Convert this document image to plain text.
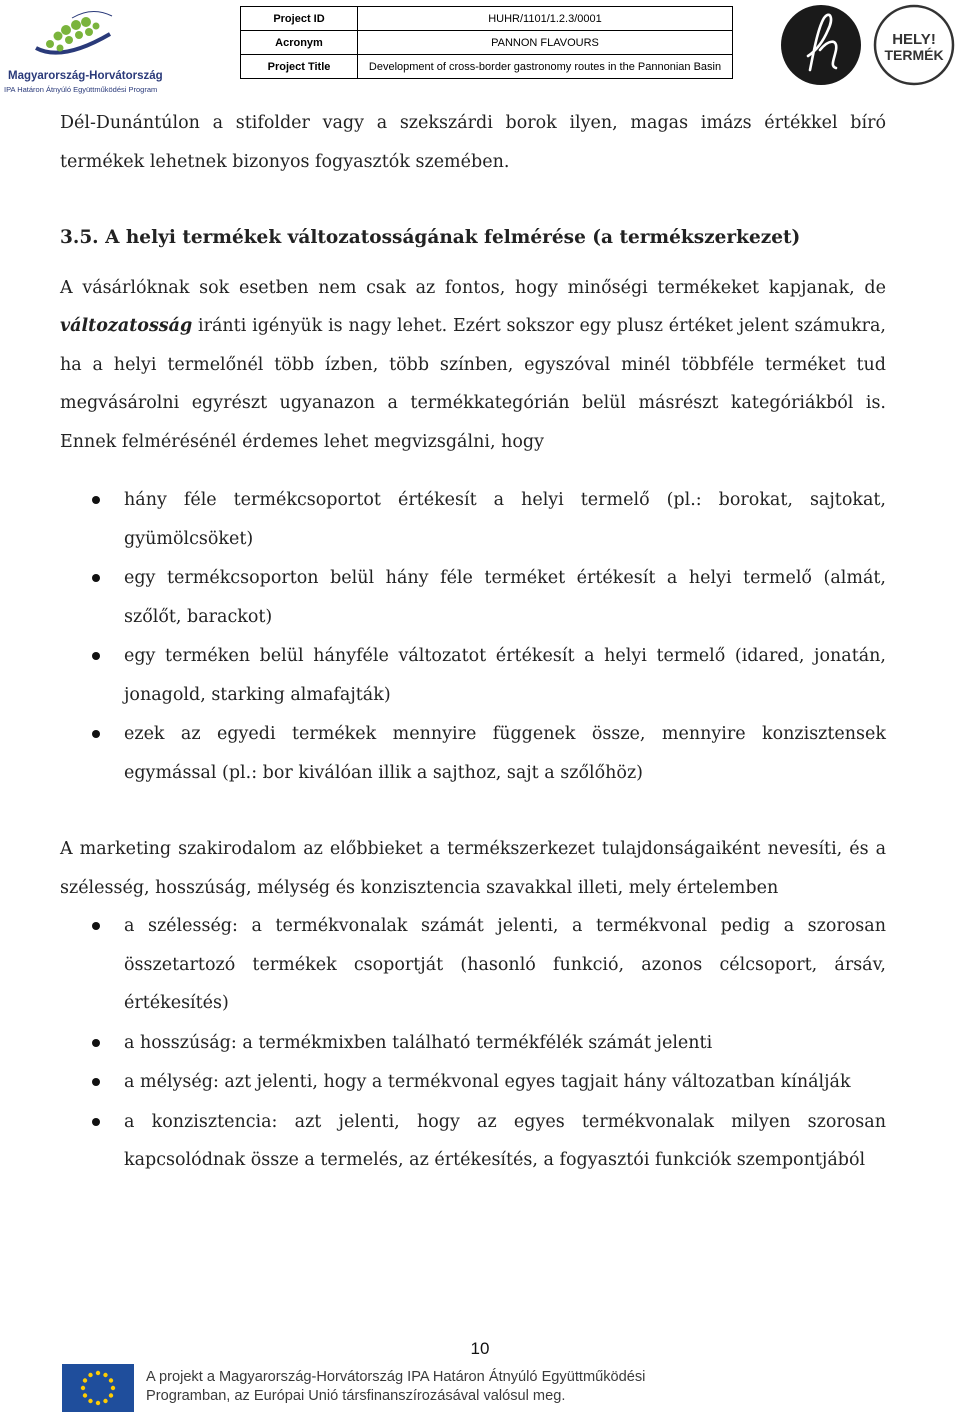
Magyarország-Horvátország
IPA Határon Átnyúló Együttműködési Program
Project ID	HUHR/1101/1.2.3/0001
Acronym	PANNON FLAVOURS
Project Title	Development of cross-border gastronomy routes in the Pannonian Basin
HELY!
TERMÉK

Dél-Dunántúlon a stifolder vagy a szekszárdi borok ilyen, magas imázs értékkel bíró termékek lehetnek bizonyos fogyasztók szemében.

3.5. A helyi termékek változatosságának felmérése (a termékszerkezet)

A vásárlóknak sok esetben nem csak az fontos, hogy minőségi termékeket kapjanak, de változatosság iránti igényük is nagy lehet. Ezért sokszor egy plusz értéket jelent számukra, ha a helyi termelőnél több ízben, több színben, egyszóval minél többféle terméket tud megvásárolni egyrészt ugyanazon a termékkategórián belül másrészt kategóriákból is. Ennek felmérésénél érdemes lehet megvizsgálni, hogy

hány féle termékcsoportot értékesít a helyi termelő (pl.: borokat, sajtokat, gyümölcsöket)
egy termékcsoporton belül hány féle terméket értékesít a helyi termelő (almát, szőlőt, barackot)
egy terméken belül hányféle változatot értékesít a helyi termelő (idared, jonatán, jonagold, starking almafajták)
ezek az egyedi termékek mennyire függenek össze, mennyire konzisztensek egymással (pl.: bor kiválóan illik a sajthoz, sajt a szőlőhöz)

A marketing szakirodalom az előbbieket a termékszerkezet tulajdonságaiként nevesíti, és a szélesség, hosszúság, mélység és konzisztencia szavakkal illeti, mely értelemben

a szélesség: a termékvonalak számát jelenti, a termékvonal pedig a szorosan összetartozó termékek csoportját (hasonló funkció, azonos célcsoport, ársáv, értékesítés)
a hosszúság: a termékmixben található termékfélék számát jelenti
a mélység: azt jelenti, hogy a termékvonal egyes tagjait hány változatban kínálják
a konzisztencia: azt jelenti, hogy az egyes termékvonalak milyen szorosan kapcsolódnak össze a termelés, az értékesítés, a fogyasztói funkciók szempontjából
10
A projekt a Magyarország-Horvátország IPA Határon Átnyúló Együttműködési
Programban, az Európai Unió társfinanszírozásával valósul meg.
